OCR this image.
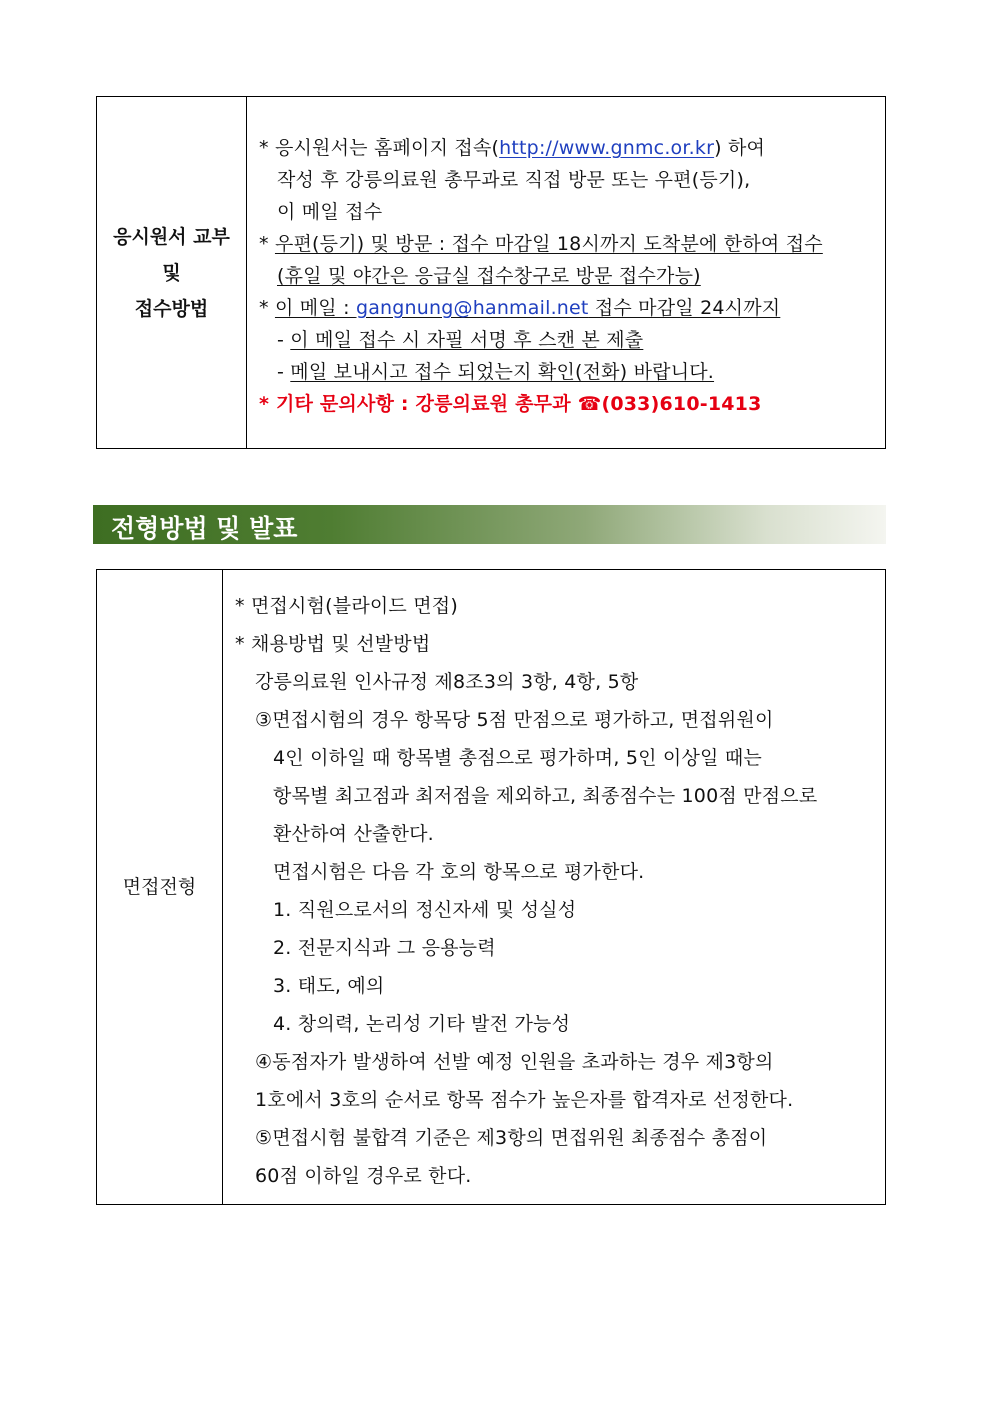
응시원서 교부
및
접수방법
* 응시원서는 홈페이지 접속(http://www.gnmc.or.kr) 하여
작성 후 강릉의료원 총무과로 직접 방문 또는 우편(등기),
이 메일 접수
* 우편(등기) 및 방문 : 접수 마감일 18시까지 도착분에 한하여 접수
(휴일 및 야간은 응급실 접수창구로 방문 접수가능)
* 이 메일 : gangnung@hanmail.net 접수 마감일 24시까지
- 이 메일 접수 시 자필 서명 후 스캔 본 제출
- 메일 보내시고 접수 되었는지 확인(전화) 바랍니다.
* 기타 문의사항 : 강릉의료원 총무과 ☎(033)610-1413
전형방법 및 발표
면접전형
* 면접시험(블라이드 면접)
* 채용방법 및 선발방법
강릉의료원 인사규정 제8조3의 3항, 4항, 5항
③면접시험의 경우 항목당 5점 만점으로 평가하고, 면접위원이
4인 이하일 때 항목별 총점으로 평가하며, 5인 이상일 때는
항목별 최고점과 최저점을 제외하고, 최종점수는 100점 만점으로
환산하여 산출한다.
면접시험은 다음 각 호의 항목으로 평가한다.
1. 직원으로서의 정신자세 및 성실성
2. 전문지식과 그 응용능력
3. 태도, 예의
4. 창의력, 논리성 기타 발전 가능성
④동점자가 발생하여 선발 예정 인원을 초과하는 경우 제3항의
1호에서 3호의 순서로 항목 점수가 높은자를 합격자로 선정한다.
⑤면접시험 불합격 기준은 제3항의 면접위원 최종점수 총점이
60점 이하일 경우로 한다.
